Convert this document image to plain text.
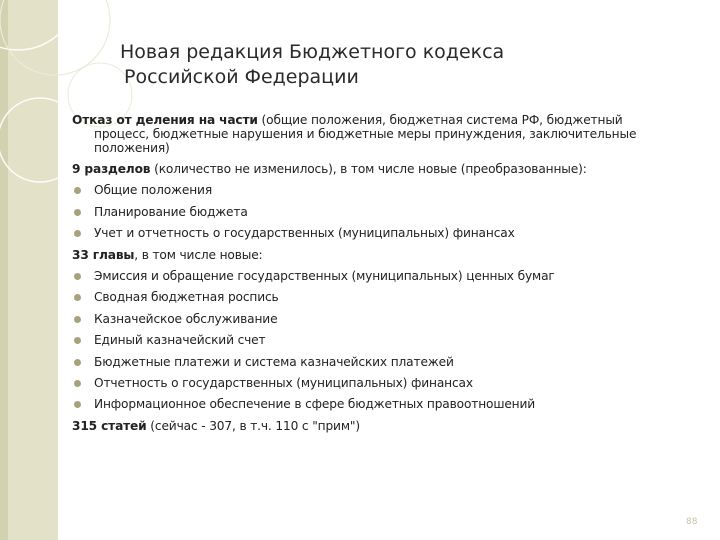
Новая редакция Бюджетного кодекса
Российской Федерации
Отказ от деления на части (общие положения, бюджетная система РФ, бюджетный
процесс, бюджетные нарушения и бюджетные меры принуждения, заключительные
положения)

9 разделов (количество не изменилось), в том числе новые (преобразованные):

Общие положения

Планирование бюджета

Учет и отчетность о государственных (муниципальных) финансах

33 главы, в том числе новые:

Эмиссия и обращение государственных (муниципальных) ценных бумаг

Сводная бюджетная роспись

Казначейское обслуживание

Единый казначейский счет

Бюджетные платежи и система казначейских платежей

Отчетность о государственных (муниципальных) финансах

Информационное обеспечение в сфере бюджетных правоотношений

315 статей (сейчас - 307, в т.ч. 110 с "прим")

88
